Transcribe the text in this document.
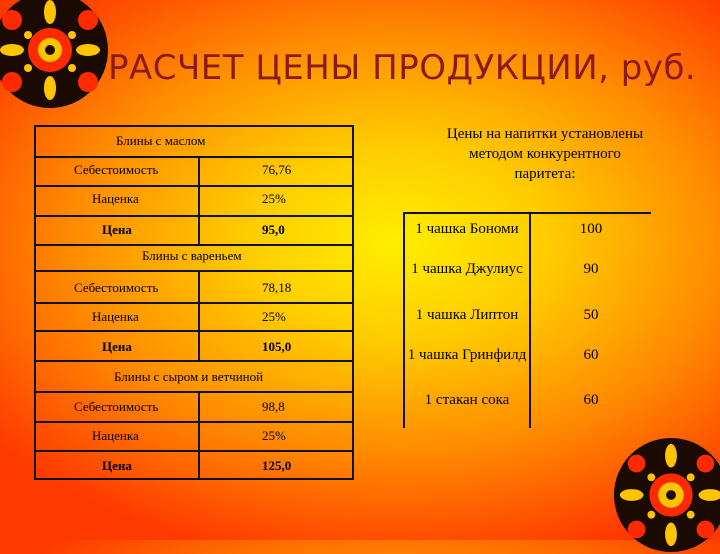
РАСЧЕТ ЦЕНЫ ПРОДУКЦИИ, руб.
Блины с маслом
Себестоимость	76,76
Наценка	25%
Цена	95,0
Блины с вареньем
Себестоимость	78,18
Наценка	25%
Цена	105,0
Блины с сыром и ветчиной
Себестоимость	98,8
Наценка	25%
Цена	125,0
Цены на напитки установлены методом конкурентного паритета:
1 чашка Бономи	100
1 чашка Джулиус	90
1 чашка Липтон	50
1 чашка Гринфилд	60
1 стакан сока	60
